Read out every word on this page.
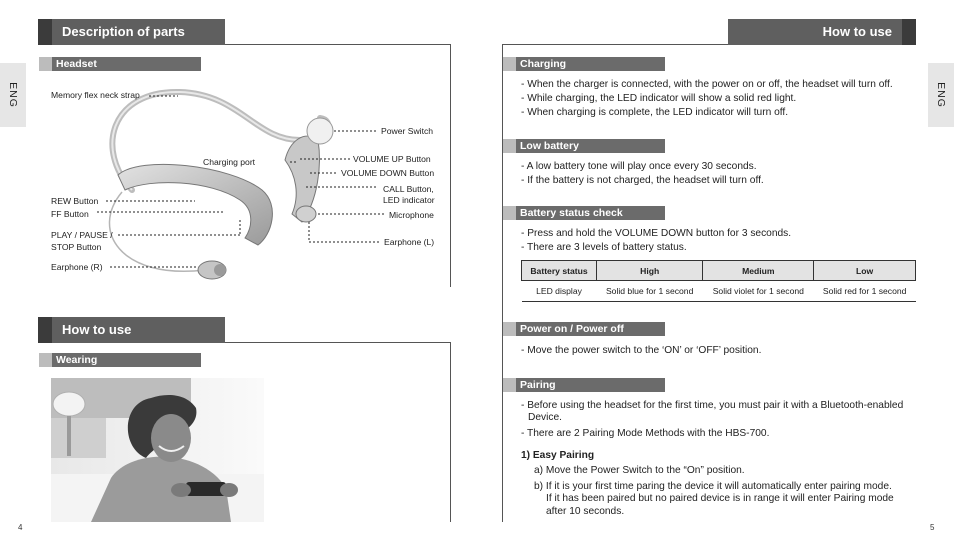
Description of parts
Headset
ENG	Memory flex neck strap
Power Switch
Charging port	VOLUME UP Button
VOLUME DOWN Button
CALL Button,
LED indicator
REW Button
FF Button	Microphone
PLAY / PAUSE /
STOP Button	Earphone (L)
Earphone (R)
How to use
Wearing
4
How to use
ENG
Charging
- When the charger is connected, with the power on or off, the headset will turn off.
- While charging, the LED indicator will show a solid red light.
- When charging is complete, the LED indicator will turn off.
Low battery
- A low battery tone will play once every 30 seconds.
- If the battery is not charged, the headset will turn off.
Battery status check
- Press and hold the VOLUME DOWN button for 3 seconds.
- There are 3 levels of battery status.
Battery status	High	Medium	Low
LED display	Solid blue for 1 second	Solid violet for 1 second	Solid red for 1 second
Power on / Power off
- Move the power switch to the ‘ON’ or ‘OFF’ position.
Pairing
- Before using the headset for the first time, you must pair it with a Bluetooth-enabled
Device.
- There are 2 Pairing Mode Methods with the HBS-700.
1) Easy Pairing
a) Move the Power Switch to the “On” position.
b) If it is your first time paring the device it will automatically enter pairing mode.
If it has been paired but no paired device is in range it will enter Pairing mode
after 10 seconds.
5
